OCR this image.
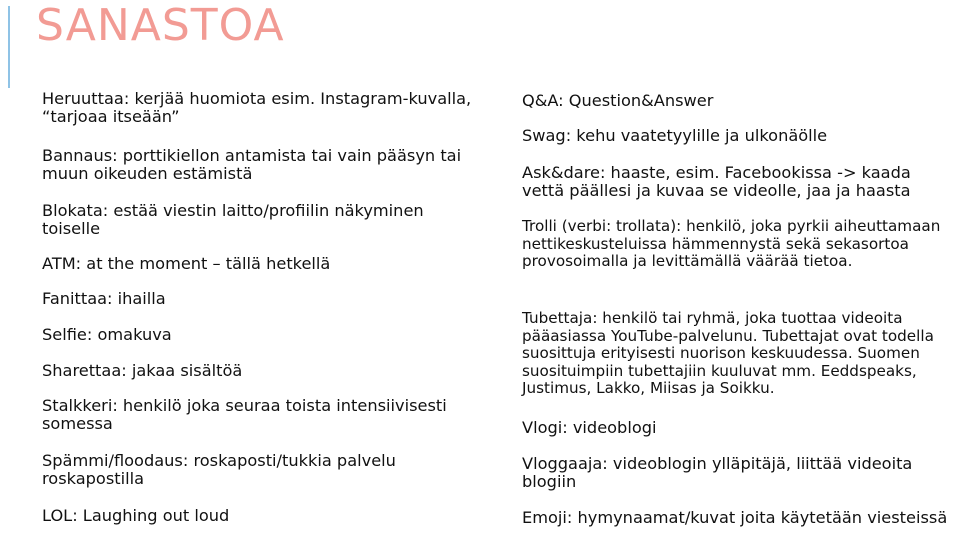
SANASTOA

Heruuttaa: kerjää huomiota esim. Instagram-kuvalla, “tarjoaa itseään”

Bannaus: porttikiellon antamista tai vain pääsyn tai muun oikeuden estämistä

Blokata: estää viestin laitto/profiilin näkyminen toiselle

ATM: at the moment – tällä hetkellä

Fanittaa: ihailla

Selfie: omakuva

Sharettaa: jakaa sisältöä

Stalkkeri: henkilö joka seuraa toista intensiivisesti somessa

Spämmi/floodaus: roskaposti/tukkia palvelu roskapostilla

LOL: Laughing out loud

Q&A: Question&Answer

Swag: kehu vaatetyylille ja ulkonäölle

Ask&dare: haaste, esim. Facebookissa -> kaada vettä päällesi ja kuvaa se videolle, jaa ja haasta

Trolli (verbi: trollata): henkilö, joka pyrkii aiheuttamaan nettikeskusteluissa hämmennystä sekä sekasortoa provosoimalla ja levittämällä väärää tietoa.

Tubettaja: henkilö tai ryhmä, joka tuottaa videoita pääasiassa YouTube-palvelunu. Tubettajat ovat todella suosittuja erityisesti nuorison keskuudessa. Suomen suosituimpiin tubettajiin kuuluvat mm. Eeddspeaks, Justimus, Lakko, Miisas ja Soikku.

Vlogi: videoblogi

Vloggaaja: videoblogin ylläpitäjä, liittää videoita blogiin

Emoji: hymynaamat/kuvat joita käytetään viesteissä
